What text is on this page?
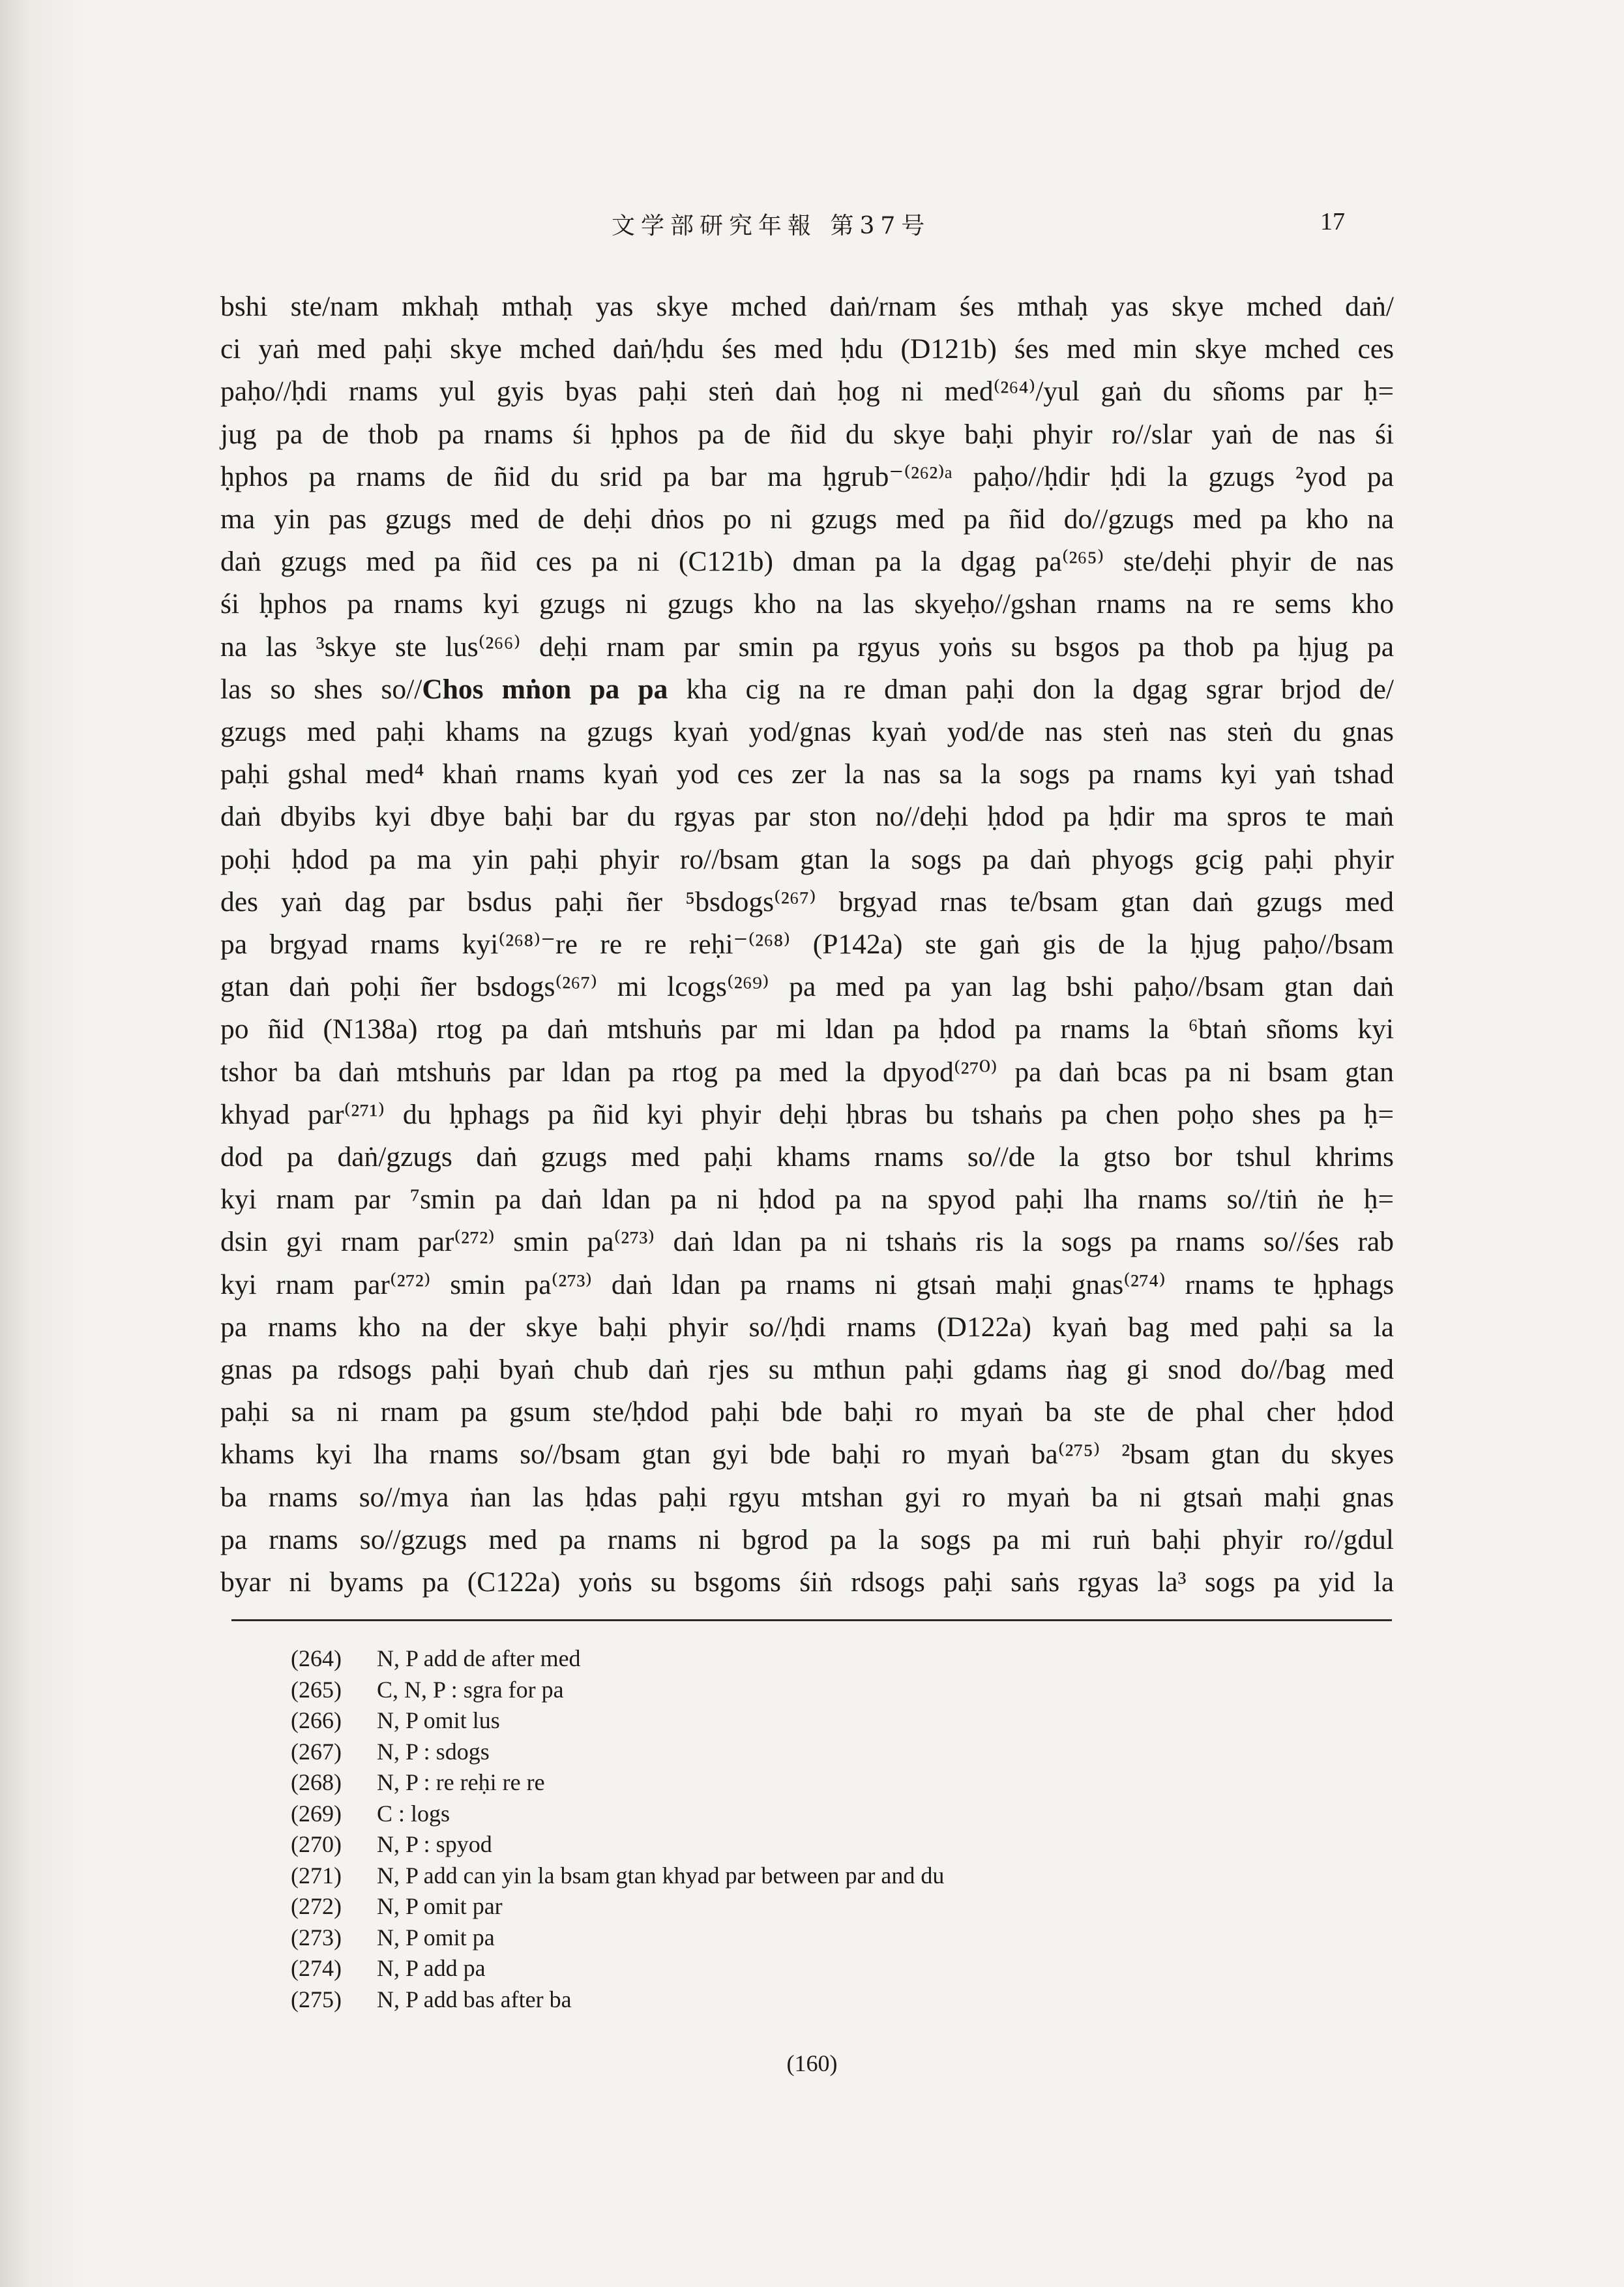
文学部研究年報 第37号	17
bshi ste/nam mkhaḥ mthaḥ yas skye mched daṅ/rnam śes mthaḥ yas skye mched daṅ/
ci yaṅ med paḥi skye mched daṅ/ḥdu śes med ḥdu (D121b) śes med min skye mched ces
paḥo//ḥdi rnams yul gyis byas paḥi steṅ daṅ ḥog ni med⁽²⁶⁴⁾/yul gaṅ du sñoms par ḥ=
jug pa de thob pa rnams śi ḥphos pa de ñid du skye baḥi phyir ro//slar yaṅ de nas śi
ḥphos pa rnams de ñid du srid pa bar ma ḥgrub⁻⁽²⁶²⁾ᵃ paḥo//ḥdir ḥdi la gzugs ²yod pa
ma yin pas gzugs med de deḥi dṅos po ni gzugs med pa ñid do//gzugs med pa kho na
daṅ gzugs med pa ñid ces pa ni (C121b) dman pa la dgag pa⁽²⁶⁵⁾ ste/deḥi phyir de nas
śi ḥphos pa rnams kyi gzugs ni gzugs kho na las skyeḥo//gshan rnams na re sems kho
na las ³skye ste lus⁽²⁶⁶⁾ deḥi rnam par smin pa rgyus yoṅs su bsgos pa thob pa ḥjug pa
las so shes so//Chos mṅon pa pa kha cig na re dman paḥi don la dgag sgrar brjod de/
gzugs med paḥi khams na gzugs kyaṅ yod/gnas kyaṅ yod/de nas steṅ nas steṅ du gnas
paḥi gshal med⁴ khaṅ rnams kyaṅ yod ces zer la nas sa la sogs pa rnams kyi yaṅ tshad
daṅ dbyibs kyi dbye baḥi bar du rgyas par ston no//deḥi ḥdod pa ḥdir ma spros te maṅ
poḥi ḥdod pa ma yin paḥi phyir ro//bsam gtan la sogs pa daṅ phyogs gcig paḥi phyir
des yaṅ dag par bsdus paḥi ñer ⁵bsdogs⁽²⁶⁷⁾ brgyad rnas te/bsam gtan daṅ gzugs med
pa brgyad rnams kyi⁽²⁶⁸⁾⁻re re re reḥi⁻⁽²⁶⁸⁾ (P142a) ste gaṅ gis de la ḥjug paḥo//bsam
gtan daṅ poḥi ñer bsdogs⁽²⁶⁷⁾ mi lcogs⁽²⁶⁹⁾ pa med pa yan lag bshi paḥo//bsam gtan daṅ
po ñid (N138a) rtog pa daṅ mtshuṅs par mi ldan pa ḥdod pa rnams la ⁶btaṅ sñoms kyi
tshor ba daṅ mtshuṅs par ldan pa rtog pa med la dpyod⁽²⁷⁰⁾ pa daṅ bcas pa ni bsam gtan
khyad par⁽²⁷¹⁾ du ḥphags pa ñid kyi phyir deḥi ḥbras bu tshaṅs pa chen poḥo shes pa ḥ=
dod pa daṅ/gzugs daṅ gzugs med paḥi khams rnams so//de la gtso bor tshul khrims
kyi rnam par ⁷smin pa daṅ ldan pa ni ḥdod pa na spyod paḥi lha rnams so//tiṅ ṅe ḥ=
dsin gyi rnam par⁽²⁷²⁾ smin pa⁽²⁷³⁾ daṅ ldan pa ni tshaṅs ris la sogs pa rnams so//śes rab
kyi rnam par⁽²⁷²⁾ smin pa⁽²⁷³⁾ daṅ ldan pa rnams ni gtsaṅ maḥi gnas⁽²⁷⁴⁾ rnams te ḥphags
pa rnams kho na der skye baḥi phyir so//ḥdi rnams (D122a) kyaṅ bag med paḥi sa la
gnas pa rdsogs paḥi byaṅ chub daṅ rjes su mthun paḥi gdams ṅag gi snod do//bag med
paḥi sa ni rnam pa gsum ste/ḥdod paḥi bde baḥi ro myaṅ ba ste de phal cher ḥdod
khams kyi lha rnams so//bsam gtan gyi bde baḥi ro myaṅ ba⁽²⁷⁵⁾ ²bsam gtan du skyes
ba rnams so//mya ṅan las ḥdas paḥi rgyu mtshan gyi ro myaṅ ba ni gtsaṅ maḥi gnas
pa rnams so//gzugs med pa rnams ni bgrod pa la sogs pa mi ruṅ baḥi phyir ro//gdul
byar ni byams pa (C122a) yoṅs su bsgoms śiṅ rdsogs paḥi saṅs rgyas la³ sogs pa yid la
(264)	N, P add de after med
(265)	C, N, P : sgra for pa
(266)	N, P omit lus
(267)	N, P : sdogs
(268)	N, P : re reḥi re re
(269)	C : logs
(270)	N, P : spyod
(271)	N, P add can yin la bsam gtan khyad par between par and du
(272)	N, P omit par
(273)	N, P omit pa
(274)	N, P add pa
(275)	N, P add bas after ba
(160)
